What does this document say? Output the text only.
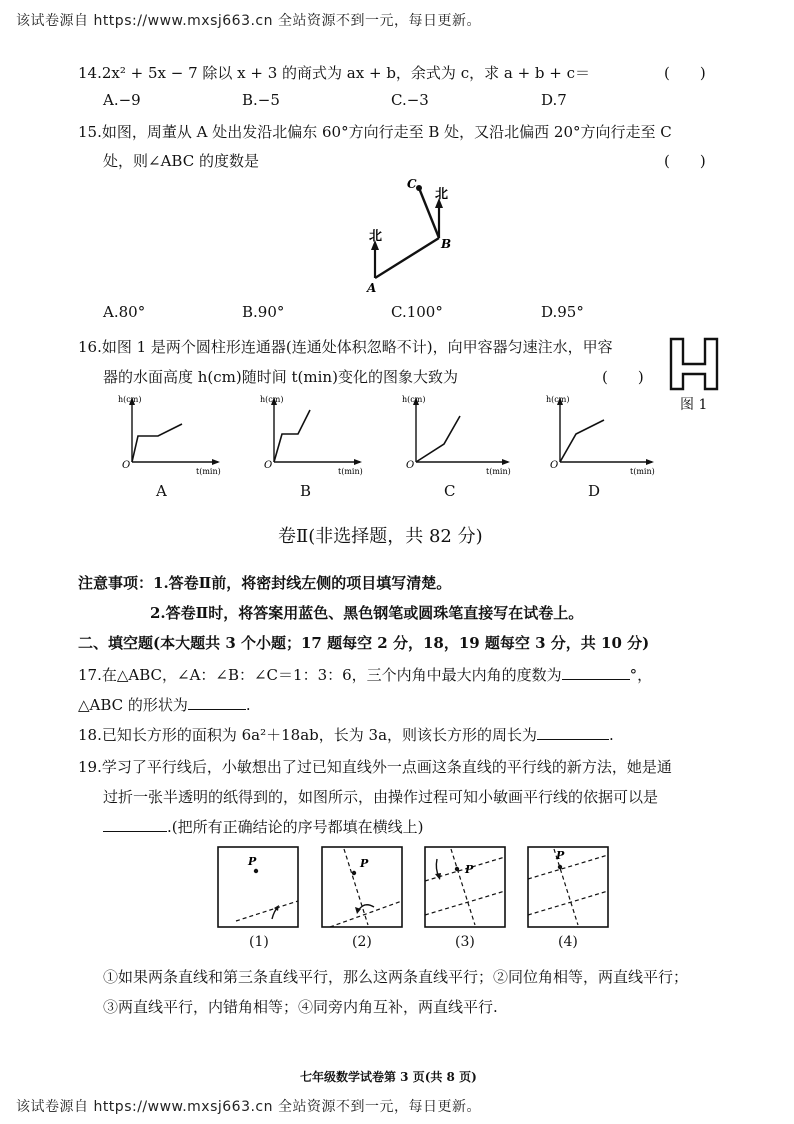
该试卷源自 https://www.mxsj663.cn 全站资源不到一元，每日更新。
14.2x² + 5x − 7 除以 x + 3 的商式为 ax + b，余式为 c，求 a + b + c＝	(　　)
A.−9	B.−5	C.−3	D.7
15.如图，周董从 A 处出发沿北偏东 60°方向行走至 B 处，又沿北偏西 20°方向行走至 C
处，则∠ABC 的度数是	(　　)
北
北
A
B
C
A.80°	B.90°	C.100°	D.95°
16.如图 1 是两个圆柱形连通器(连通处体积忽略不计)，向甲容器匀速注水，甲容
器的水面高度 h(cm)随时间 t(min)变化的图象大致为	(　　)
图 1
h(cm)
t(min)
O
A
h(cm)
t(min)
O
B
h(cm)
t(min)
O
C
h(cm)
t(min)
O
D
卷Ⅱ(非选择题，共 82 分)
注意事项：1.答卷Ⅱ前，将密封线左侧的项目填写清楚。
2.答卷Ⅱ时，将答案用蓝色、黑色钢笔或圆珠笔直接写在试卷上。
二、填空题(本大题共 3 个小题；17 题每空 2 分，18，19 题每空 3 分，共 10 分)
17.在△ABC，∠A：∠B：∠C＝1：3：6，三个内角中最大内角的度数为	°，
△ABC 的形状为	.
18.已知长方形的面积为 6a²＋18ab，长为 3a，则该长方形的周长为	.
19.学习了平行线后，小敏想出了过已知直线外一点画这条直线的平行线的新方法，她是通
过折一张半透明的纸得到的，如图所示，由操作过程可知小敏画平行线的依据可以是
.(把所有正确结论的序号都填在横线上)
P
(1)
P
(2)
P
(3)
P
(4)
①如果两条直线和第三条直线平行，那么这两条直线平行；②同位角相等，两直线平行；
③两直线平行，内错角相等；④同旁内角互补，两直线平行.
七年级数学试卷第 3 页(共 8 页)
该试卷源自 https://www.mxsj663.cn 全站资源不到一元，每日更新。
